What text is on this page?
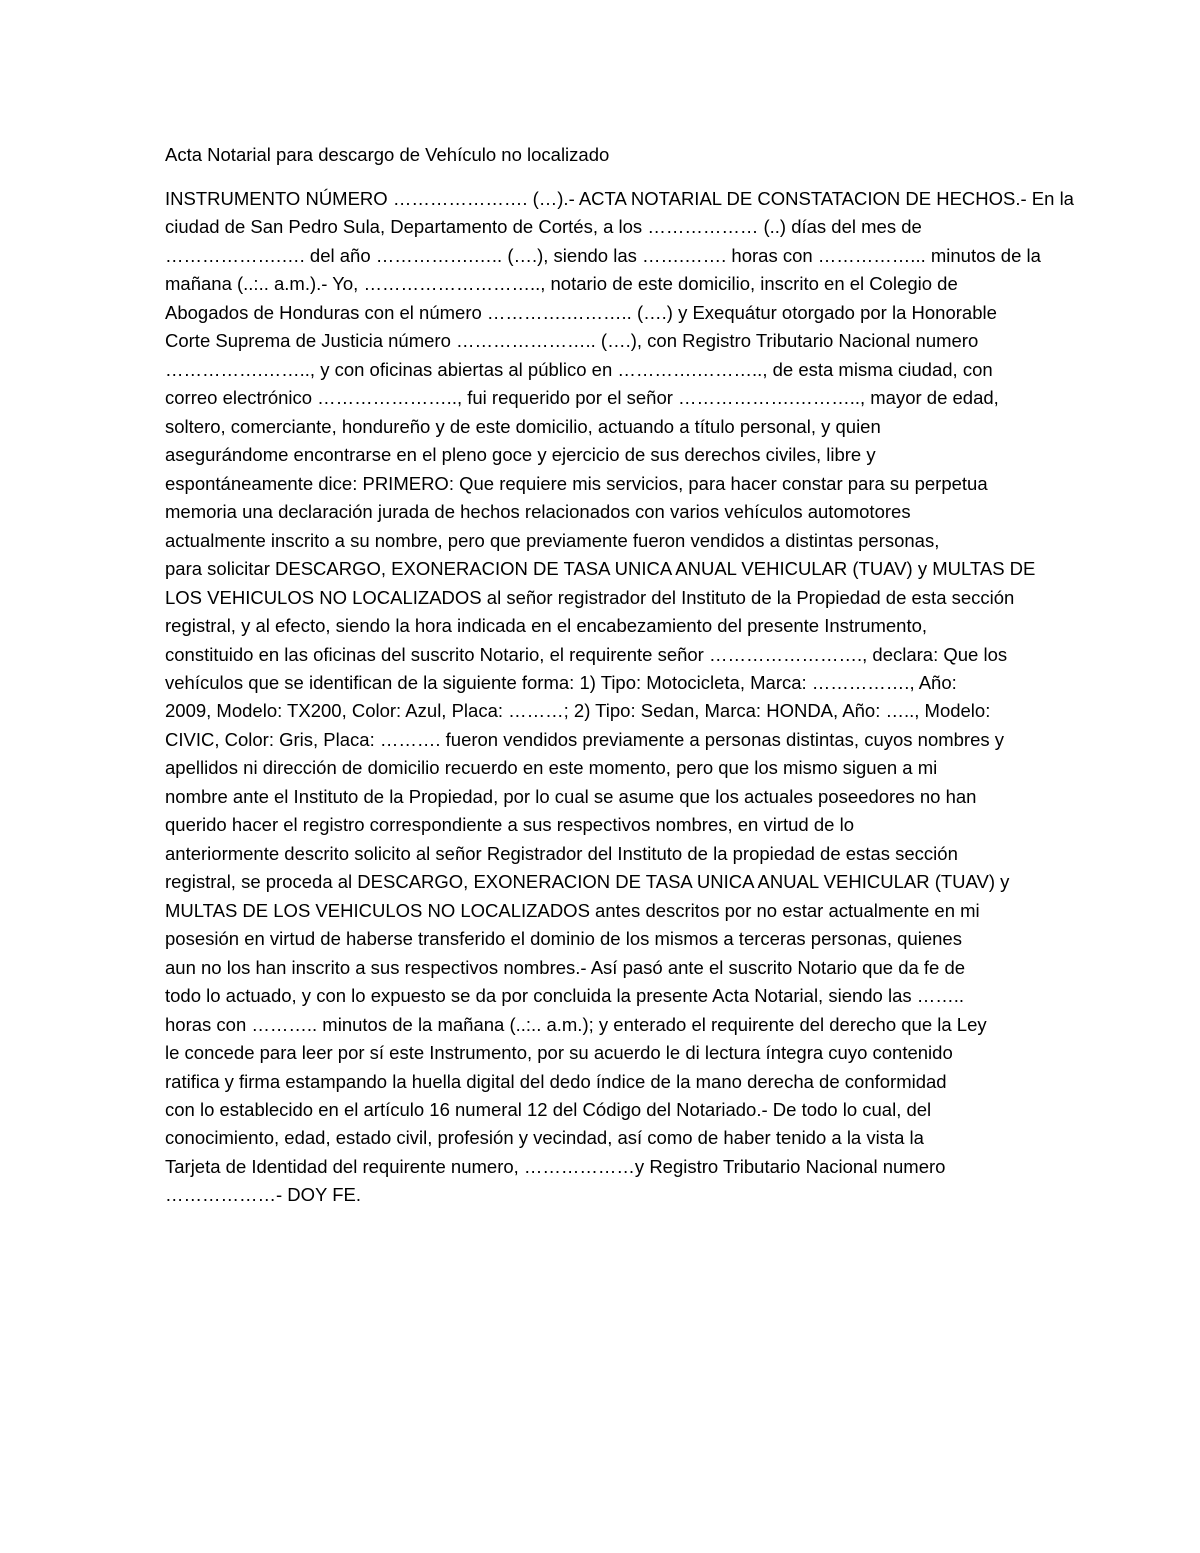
Acta Notarial para descargo de Vehículo no localizado
INSTRUMENTO NÚMERO …………………. (…).- ACTA NOTARIAL DE CONSTATACION DE HECHOS.- En la
ciudad de San Pedro Sula, Departamento de Cortés, a los ……………… (..) días del mes de
……………….…. del año …………….….. (….), siendo las …….……. horas con ……………... minutos de la
mañana (..:.. a.m.).- Yo, ……………………….., notario de este domicilio, inscrito en el Colegio de
Abogados de Honduras con el número ………….……….. (….) y Exequátur otorgado por la Honorable
Corte Suprema de Justicia número ………………….. (….), con Registro Tributario Nacional numero
…………….…….., y con oficinas abiertas al público en ………….……….., de esta misma ciudad, con
correo electrónico ………………….., fui requerido por el señor ……………….……….., mayor de edad,
soltero, comerciante, hondureño y de este domicilio, actuando a título personal, y quien
asegurándome encontrarse en el pleno goce y ejercicio de sus derechos civiles, libre y
espontáneamente dice: PRIMERO: Que requiere mis servicios, para hacer constar para su perpetua
memoria una declaración jurada de hechos relacionados con varios vehículos automotores
actualmente inscrito a su nombre, pero que previamente fueron vendidos a distintas personas,
para solicitar DESCARGO, EXONERACION DE TASA UNICA ANUAL VEHICULAR (TUAV) y MULTAS DE
LOS VEHICULOS NO LOCALIZADOS al señor registrador del Instituto de la Propiedad de esta sección
registral, y al efecto, siendo la hora indicada en el encabezamiento del presente Instrumento,
constituido en las oficinas del suscrito Notario, el requirente señor ……………………., declara: Que los
vehículos que se identifican de la siguiente forma: 1) Tipo: Motocicleta, Marca: ……………., Año:
2009, Modelo: TX200, Color: Azul, Placa: ………; 2) Tipo: Sedan, Marca: HONDA, Año: ….., Modelo:
CIVIC, Color: Gris, Placa: ………. fueron vendidos previamente a personas distintas, cuyos nombres y
apellidos ni dirección de domicilio recuerdo en este momento, pero que los mismo siguen a mi
nombre ante el Instituto de la Propiedad, por lo cual se asume que los actuales poseedores no han
querido hacer el registro correspondiente a sus respectivos nombres, en virtud de lo
anteriormente descrito solicito al señor Registrador del Instituto de la propiedad de estas sección
registral, se proceda al DESCARGO, EXONERACION DE TASA UNICA ANUAL VEHICULAR (TUAV) y
MULTAS DE LOS VEHICULOS NO LOCALIZADOS antes descritos por no estar actualmente en mi
posesión en virtud de haberse transferido el dominio de los mismos a terceras personas, quienes
aun no los han inscrito a sus respectivos nombres.- Así pasó ante el suscrito Notario que da fe de
todo lo actuado, y con lo expuesto se da por concluida la presente Acta Notarial, siendo las ……..
horas con ……….. minutos de la mañana (..:.. a.m.); y enterado el requirente del derecho que la Ley
le concede para leer por sí este Instrumento, por su acuerdo le di lectura íntegra cuyo contenido
ratifica y firma estampando la huella digital del dedo índice de la mano derecha de conformidad
con lo establecido en el artículo 16 numeral 12 del Código del Notariado.- De todo lo cual, del
conocimiento, edad, estado civil, profesión y vecindad, así como de haber tenido a la vista la
Tarjeta de Identidad del requirente numero, ………………y Registro Tributario Nacional numero
………………- DOY FE.
